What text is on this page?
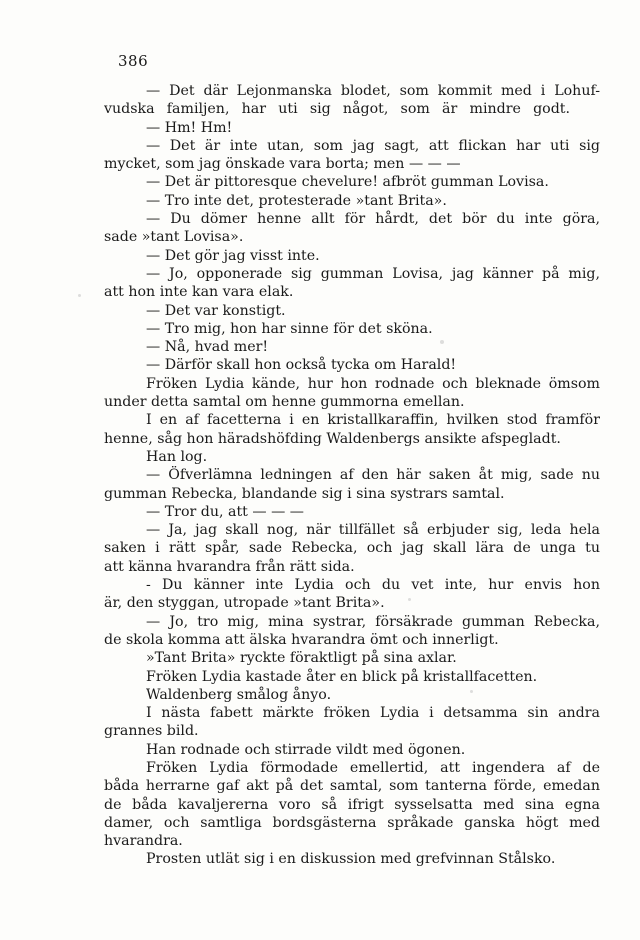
386
— Det där Lejonmanska blodet, som kommit med i Lohuf-
vudska familjen, har uti sig något, som är mindre godt.
— Hm! Hm!
— Det är inte utan, som jag sagt, att flickan har uti sig
mycket, som jag önskade vara borta; men — — —
— Det är pittoresque chevelure! afbröt gumman Lovisa.
— Tro inte det, protesterade »tant Brita».
— Du dömer henne allt för hårdt, det bör du inte göra,
sade »tant Lovisa».
— Det gör jag visst inte.
— Jo, opponerade sig gumman Lovisa, jag känner på mig,
att hon inte kan vara elak.
— Det var konstigt.
— Tro mig, hon har sinne för det sköna.
— Nå, hvad mer!
— Därför skall hon också tycka om Harald!
Fröken Lydia kände, hur hon rodnade och bleknade ömsom
under detta samtal om henne gummorna emellan.
I en af facetterna i en kristallkaraffin, hvilken stod framför
henne, såg hon häradshöfding Waldenbergs ansikte afspegladt.
Han log.
— Öfverlämna ledningen af den här saken åt mig, sade nu
gumman Rebecka, blandande sig i sina systrars samtal.
— Tror du, att — — —
— Ja, jag skall nog, när tillfället så erbjuder sig, leda hela
saken i rätt spår, sade Rebecka, och jag skall lära de unga tu
att känna hvarandra från rätt sida.
- Du känner inte Lydia och du vet inte, hur envis hon
är, den styggan, utropade »tant Brita».
— Jo, tro mig, mina systrar, försäkrade gumman Rebecka,
de skola komma att älska hvarandra ömt och innerligt.
»Tant Brita» ryckte föraktligt på sina axlar.
Fröken Lydia kastade åter en blick på kristallfacetten.
Waldenberg smålog ånyo.
I nästa fabett märkte fröken Lydia i detsamma sin andra
grannes bild.
Han rodnade och stirrade vildt med ögonen.
Fröken Lydia förmodade emellertid, att ingendera af de
båda herrarne gaf akt på det samtal, som tanterna förde, emedan
de båda kavaljererna voro så ifrigt sysselsatta med sina egna
damer, och samtliga bordsgästerna språkade ganska högt med
hvarandra.
Prosten utlät sig i en diskussion med grefvinnan Stålsko.
